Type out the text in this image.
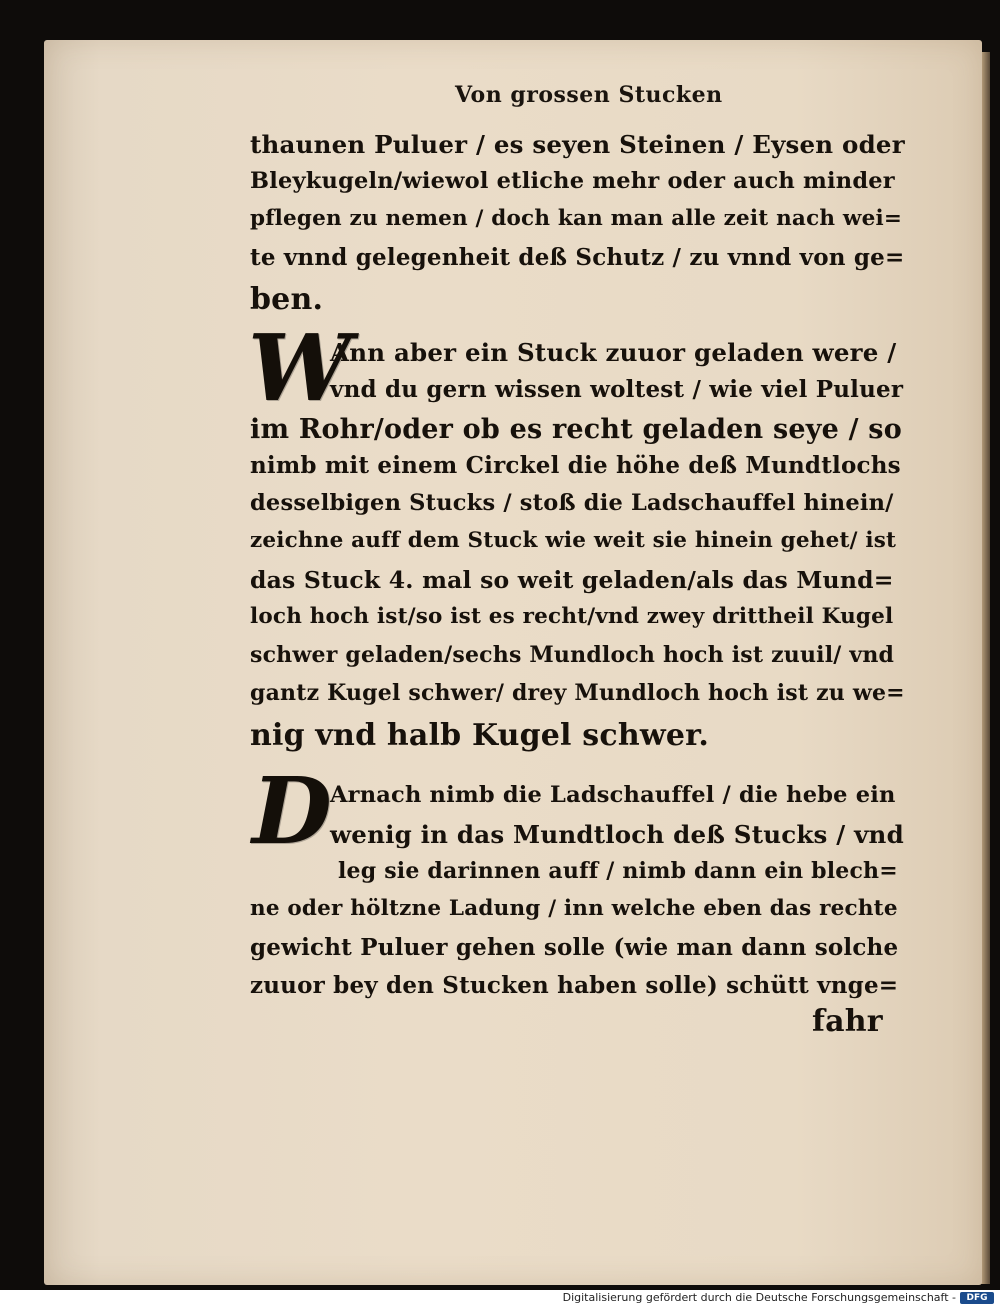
Von grossen Stucken
thaunen Puluer / es seyen Steinen / Eysen oder
Bleykugeln/wiewol etliche mehr oder auch minder
pflegen zu nemen / doch kan man alle zeit nach wei=
te vnnd gelegenheit deß Schutz / zu vnnd von ge=
ben.
W
Ann aber ein Stuck zuuor geladen were /
vnd du gern wissen woltest / wie viel Puluer
im Rohr/oder ob es recht geladen seye / so
nimb mit einem Circkel die höhe deß Mundtlochs
desselbigen Stucks / stoß die Ladschauffel hinein/
zeichne auff dem Stuck wie weit sie hinein gehet/ ist
das Stuck 4. mal so weit geladen/als das Mund=
loch hoch ist/so ist es recht/vnd zwey drittheil Kugel
schwer geladen/sechs Mundloch hoch ist zuuil/ vnd
gantz Kugel schwer/ drey Mundloch hoch ist zu we=
nig vnd halb Kugel schwer.
D
Arnach nimb die Ladschauffel / die hebe ein
wenig in das Mundtloch deß Stucks / vnd
leg sie darinnen auff / nimb dann ein blech=
ne oder höltzne Ladung / inn welche eben das rechte
gewicht Puluer gehen solle (wie man dann solche
zuuor bey den Stucken haben solle) schütt vnge=
fahr
Digitalisierung gefördert durch die Deutsche Forschungsgemeinschaft -	DFG
